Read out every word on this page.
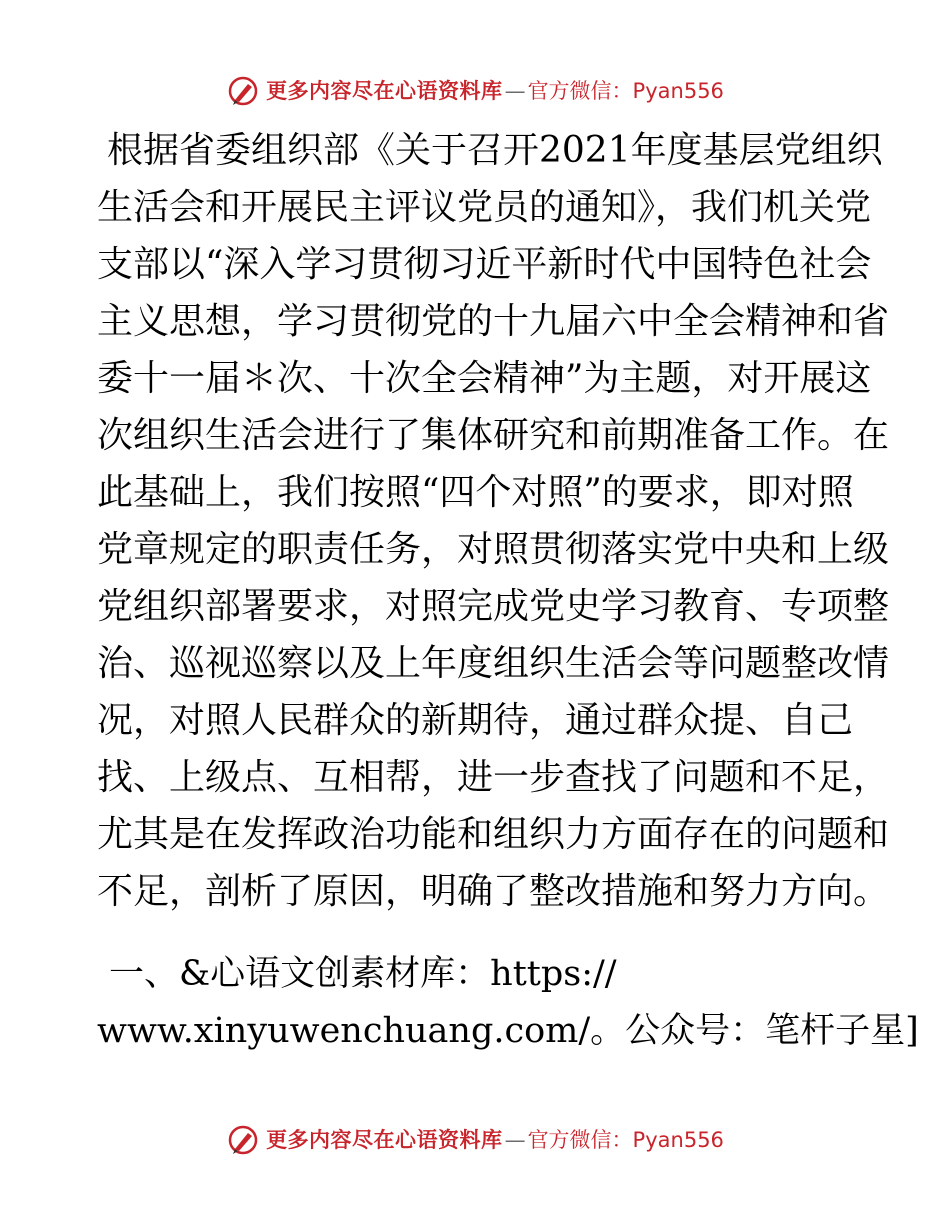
更多内容尽在心语资料库 — 官方微信：Pyan556
根据省委组织部《关于召开2021年度基层党组织
生活会和开展民主评议党员的通知》，我们机关党
支部以“深入学习贯彻习近平新时代中国特色社会
主义思想，学习贯彻党的十九届六中全会精神和省
委十一届＊次、十次全会精神”为主题，对开展这
次组织生活会进行了集体研究和前期准备工作。在
此基础上，我们按照“四个对照”的要求，即对照
党章规定的职责任务，对照贯彻落实党中央和上级
党组织部署要求，对照完成党史学习教育、专项整
治、巡视巡察以及上年度组织生活会等问题整改情
况，对照人民群众的新期待，通过群众提、自己
找、上级点、互相帮，进一步查找了问题和不足，
尤其是在发挥政治功能和组织力方面存在的问题和
不足，剖析了原因，明确了整改措施和努力方向。
一、&心语文创素材库：https://
www.xinyuwenchuang.com/。公众号：笔杆子星]
更多内容尽在心语资料库 — 官方微信：Pyan556
